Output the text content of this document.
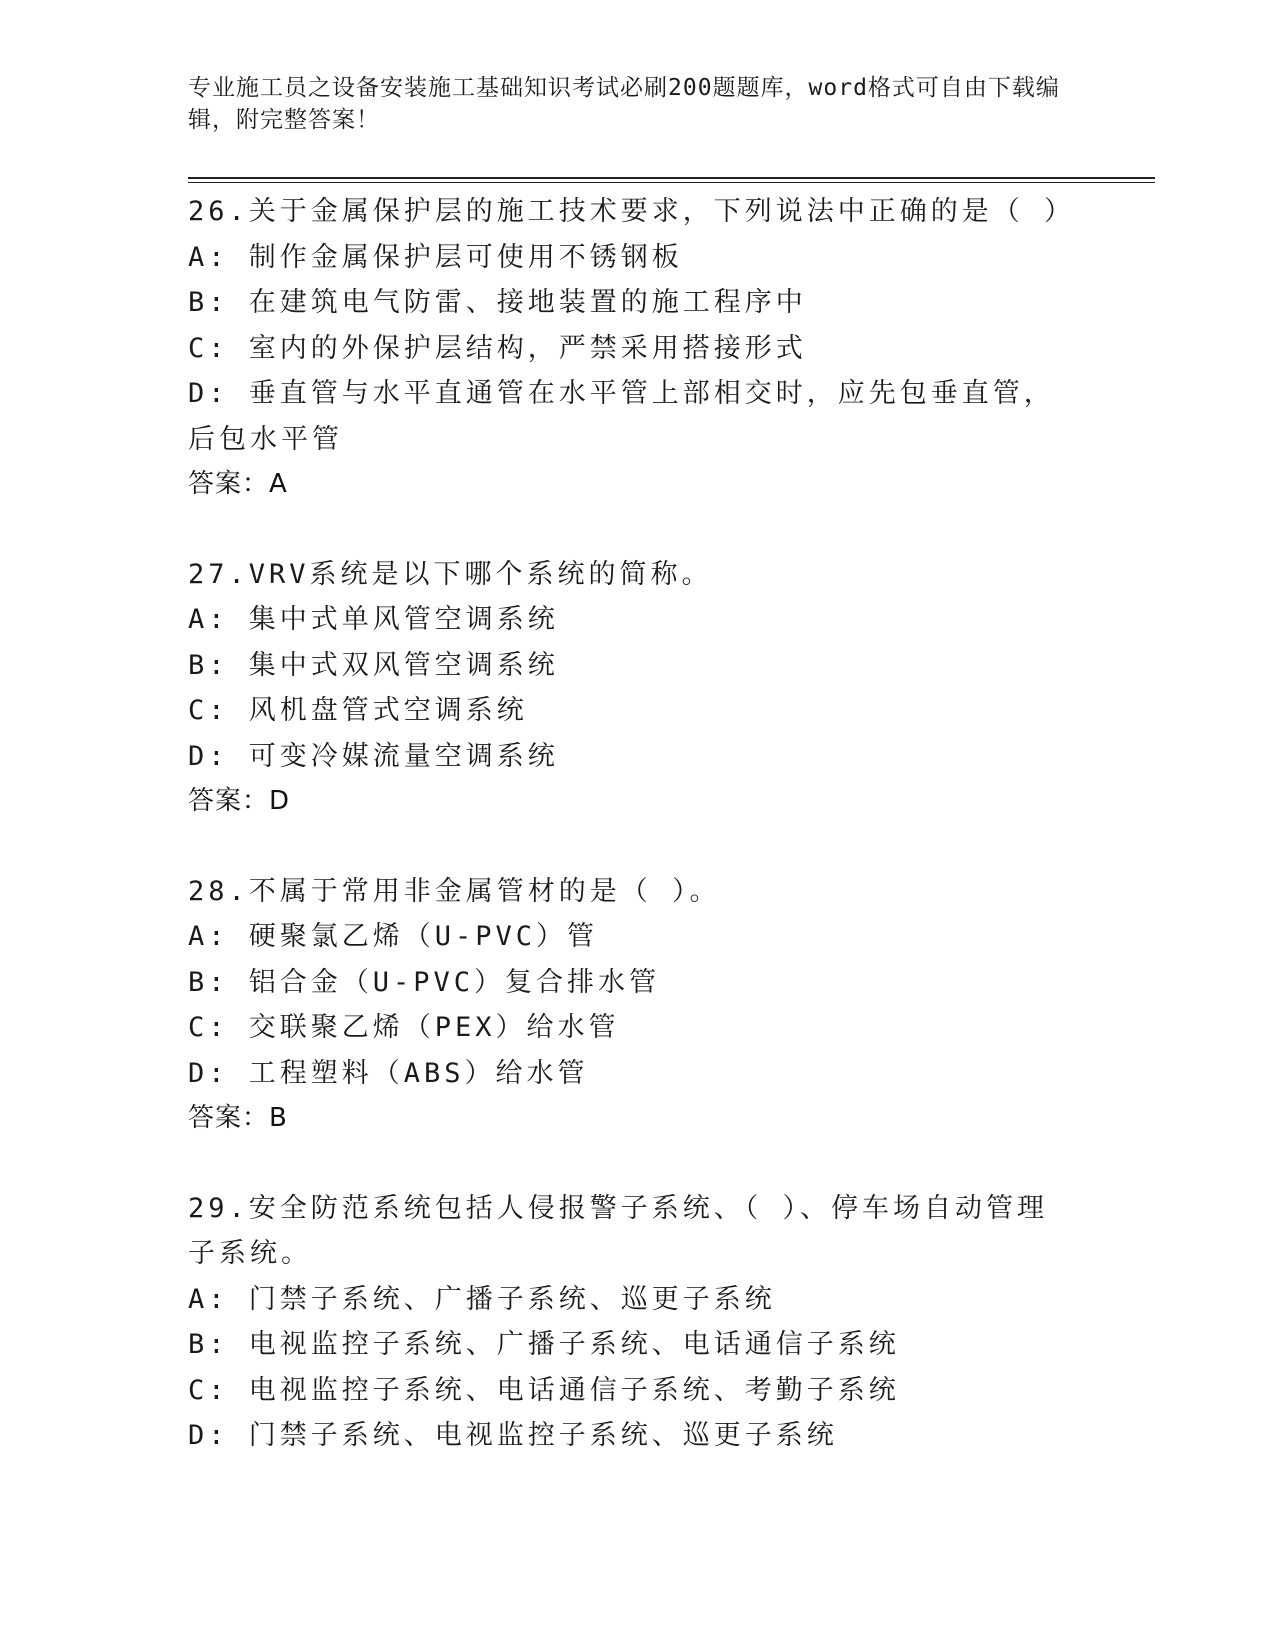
专业施工员之设备安装施工基础知识考试必刷200题题库，word格式可自由下载编辑，附完整答案！
26.关于金属保护层的施工技术要求，下列说法中正确的是（ ）
A: 制作金属保护层可使用不锈钢板
B: 在建筑电气防雷、接地装置的施工程序中
C: 室内的外保护层结构，严禁采用搭接形式
D: 垂直管与水平直通管在水平管上部相交时，应先包垂直管，后包水平管
答案：A
27.VRV系统是以下哪个系统的简称。
A: 集中式单风管空调系统
B: 集中式双风管空调系统
C: 风机盘管式空调系统
D: 可变冷媒流量空调系统
答案：D
28.不属于常用非金属管材的是（ ）。
A: 硬聚氯乙烯（U-PVC）管
B: 铝合金（U-PVC）复合排水管
C: 交联聚乙烯（PEX）给水管
D: 工程塑料（ABS）给水管
答案：B
29.安全防范系统包括人侵报警子系统、（ ）、停车场自动管理子系统。
A: 门禁子系统、广播子系统、巡更子系统
B: 电视监控子系统、广播子系统、电话通信子系统
C: 电视监控子系统、电话通信子系统、考勤子系统
D: 门禁子系统、电视监控子系统、巡更子系统
